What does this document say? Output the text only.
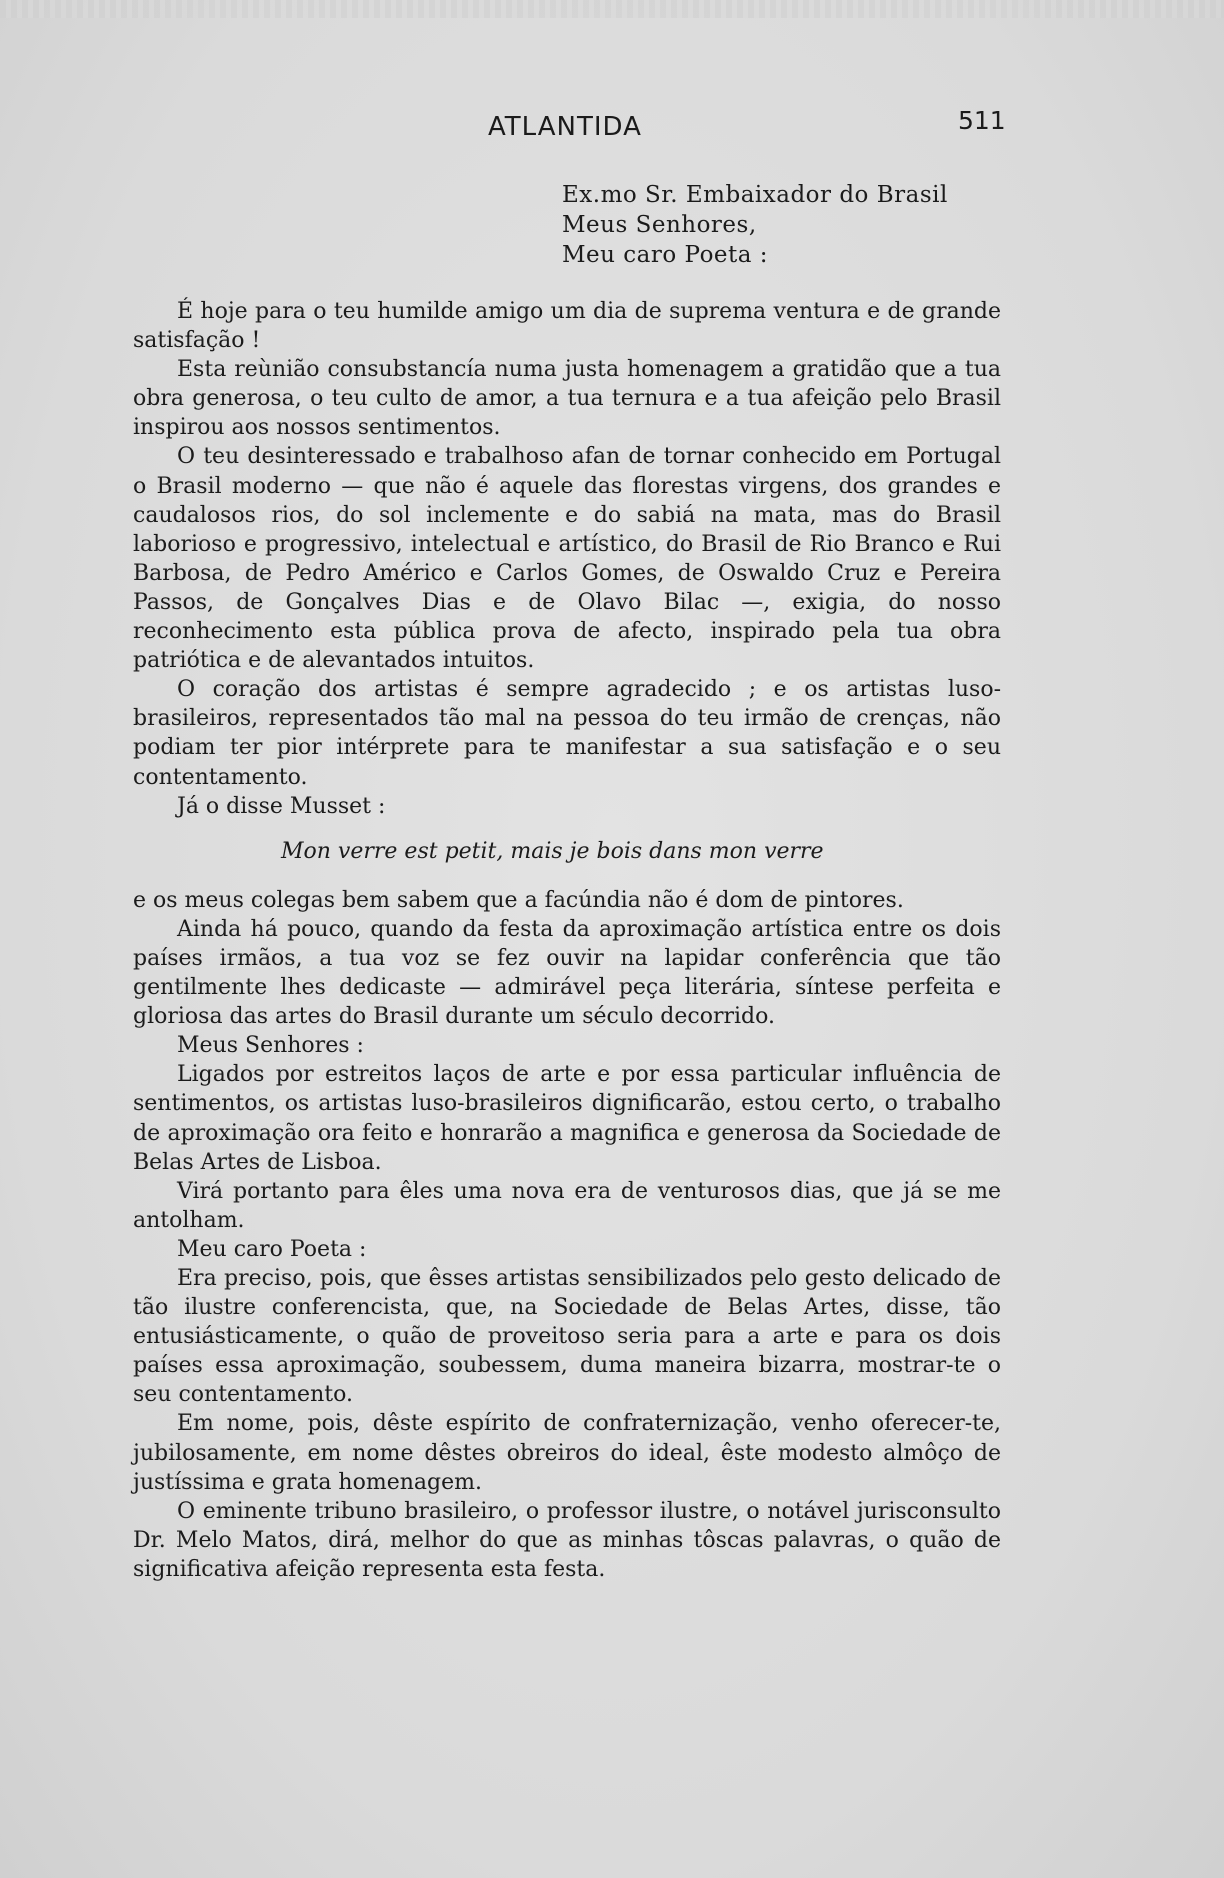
ATLANTIDA	511
Ex.mo Sr. Embaixador do Brasil
Meus Senhores,
Meu caro Poeta :

É hoje para o teu humilde amigo um dia de suprema ventura e de grande satisfação !

Esta reùnião consubstancía numa justa homenagem a gratidão que a tua obra generosa, o teu culto de amor, a tua ternura e a tua afeição pelo Brasil inspirou aos nossos sentimentos.

O teu desinteressado e trabalhoso afan de tornar conhecido em Portugal o Brasil moderno — que não é aquele das florestas virgens, dos grandes e caudalosos rios, do sol inclemente e do sabiá na mata, mas do Brasil laborioso e progressivo, intelectual e artístico, do Brasil de Rio Branco e Rui Barbosa, de Pedro Américo e Carlos Gomes, de Oswaldo Cruz e Pereira Passos, de Gonçalves Dias e de Olavo Bilac —, exigia, do nosso reconhecimento esta pública prova de afecto, inspirado pela tua obra patriótica e de alevantados intuitos.

O coração dos artistas é sempre agradecido ; e os artistas luso-brasileiros, representados tão mal na pessoa do teu irmão de crenças, não podiam ter pior intérprete para te manifestar a sua satisfação e o seu contentamento.

Já o disse Musset :

Mon verre est petit, mais je bois dans mon verre

e os meus colegas bem sabem que a facúndia não é dom de pintores.

Ainda há pouco, quando da festa da aproximação artística entre os dois países irmãos, a tua voz se fez ouvir na lapidar conferência que tão gentilmente lhes dedicaste — admirável peça literária, síntese perfeita e gloriosa das artes do Brasil durante um século decorrido.

Meus Senhores :

Ligados por estreitos laços de arte e por essa particular influência de sentimentos, os artistas luso-brasileiros dignificarão, estou certo, o trabalho de aproximação ora feito e honrarão a magnifica e generosa da Sociedade de Belas Artes de Lisboa.

Virá portanto para êles uma nova era de venturosos dias, que já se me antolham.

Meu caro Poeta :

Era preciso, pois, que êsses artistas sensibilizados pelo gesto delicado de tão ilustre conferencista, que, na Sociedade de Belas Artes, disse, tão entusiásticamente, o quão de proveitoso seria para a arte e para os dois países essa aproximação, soubessem, duma maneira bizarra, mostrar-te o seu contentamento.

Em nome, pois, dêste espírito de confraternização, venho oferecer-te, jubilosamente, em nome dêstes obreiros do ideal, êste modesto almôço de justíssima e grata homenagem.

O eminente tribuno brasileiro, o professor ilustre, o notável jurisconsulto Dr. Melo Matos, dirá, melhor do que as minhas tôscas palavras, o quão de significativa afeição representa esta festa.
